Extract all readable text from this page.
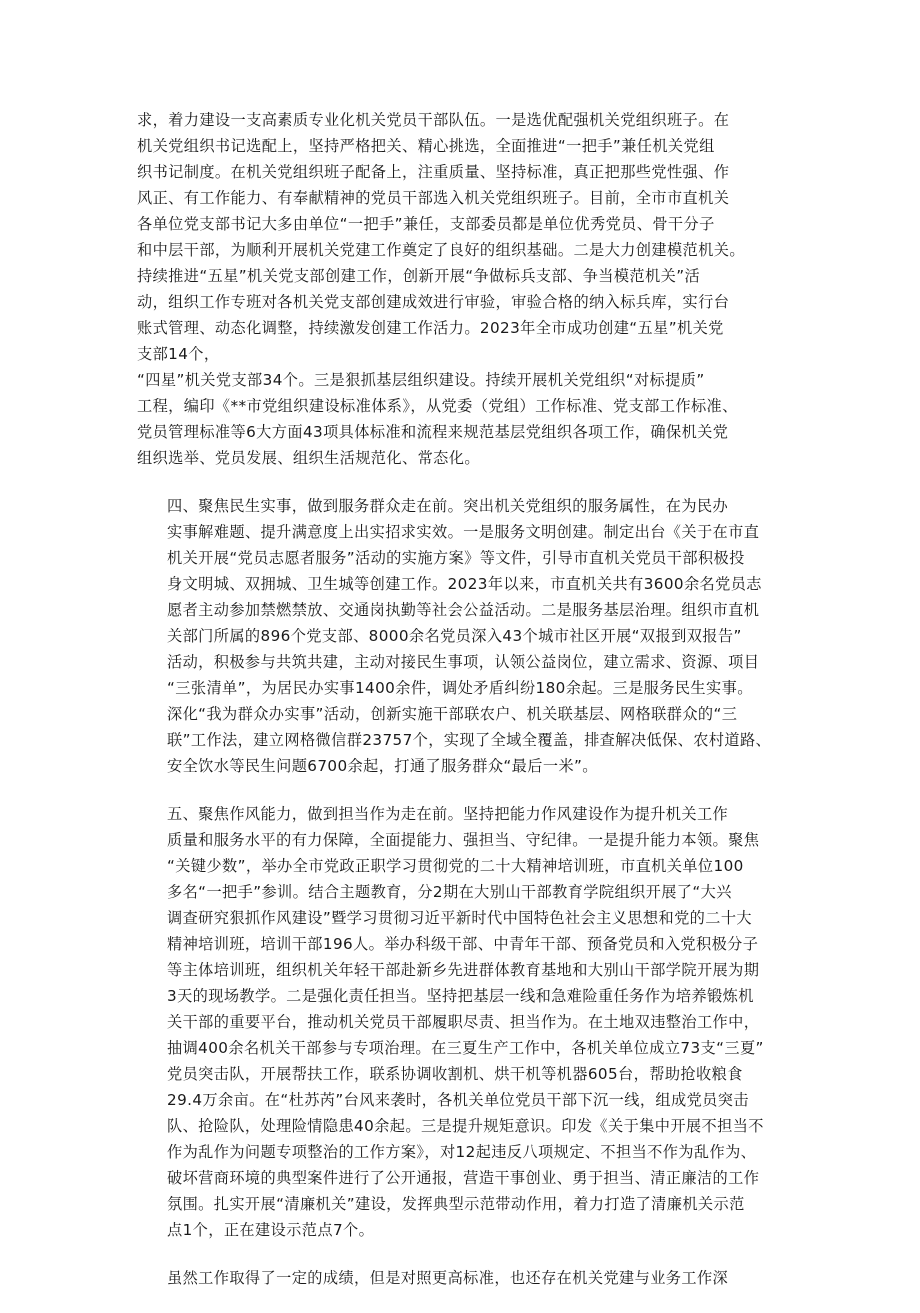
求，着力建设一支高素质专业化机关党员干部队伍。一是选优配强机关党组织班子。在
机关党组织书记选配上，坚持严格把关、精心挑选，全面推进“一把手”兼任机关党组
织书记制度。在机关党组织班子配备上，注重质量、坚持标准，真正把那些党性强、作
风正、有工作能力、有奉献精神的党员干部选入机关党组织班子。目前，全市市直机关
各单位党支部书记大多由单位“一把手”兼任，支部委员都是单位优秀党员、骨干分子
和中层干部，为顺利开展机关党建工作奠定了良好的组织基础。二是大力创建模范机关。
持续推进“五星”机关党支部创建工作，创新开展“争做标兵支部、争当模范机关”活
动，组织工作专班对各机关党支部创建成效进行审验，审验合格的纳入标兵库，实行台
账式管理、动态化调整，持续激发创建工作活力。2023年全市成功创建“五星”机关党
支部14个，
“四星”机关党支部34个。三是狠抓基层组织建设。持续开展机关党组织“对标提质”
工程，编印《**市党组织建设标准体系》，从党委（党组）工作标准、党支部工作标准、
党员管理标准等6大方面43项具体标准和流程来规范基层党组织各项工作，确保机关党
组织选举、党员发展、组织生活规范化、常态化。

四、聚焦民生实事，做到服务群众走在前。突出机关党组织的服务属性，在为民办
实事解难题、提升满意度上出实招求实效。一是服务文明创建。制定出台《关于在市直
机关开展“党员志愿者服务”活动的实施方案》等文件，引导市直机关党员干部积极投
身文明城、双拥城、卫生城等创建工作。2023年以来，市直机关共有3600余名党员志
愿者主动参加禁燃禁放、交通岗执勤等社会公益活动。二是服务基层治理。组织市直机
关部门所属的896个党支部、8000余名党员深入43个城市社区开展“双报到双报告”
活动，积极参与共筑共建，主动对接民生事项，认领公益岗位，建立需求、资源、项目
“三张清单”，为居民办实事1400余件，调处矛盾纠纷180余起。三是服务民生实事。
深化“我为群众办实事”活动，创新实施干部联农户、机关联基层、网格联群众的“三
联”工作法，建立网格微信群23757个，实现了全域全覆盖，排查解决低保、农村道路、
安全饮水等民生问题6700余起，打通了服务群众“最后一米”。

五、聚焦作风能力，做到担当作为走在前。坚持把能力作风建设作为提升机关工作
质量和服务水平的有力保障，全面提能力、强担当、守纪律。一是提升能力本领。聚焦
“关键少数”，举办全市党政正职学习贯彻党的二十大精神培训班，市直机关单位100
多名“一把手”参训。结合主题教育，分2期在大别山干部教育学院组织开展了“大兴
调查研究狠抓作风建设”暨学习贯彻习近平新时代中国特色社会主义思想和党的二十大
精神培训班，培训干部196人。举办科级干部、中青年干部、预备党员和入党积极分子
等主体培训班，组织机关年轻干部赴新乡先进群体教育基地和大别山干部学院开展为期
3天的现场教学。二是强化责任担当。坚持把基层一线和急难险重任务作为培养锻炼机
关干部的重要平台，推动机关党员干部履职尽责、担当作为。在土地双违整治工作中，
抽调400余名机关干部参与专项治理。在三夏生产工作中，各机关单位成立73支“三夏”
党员突击队，开展帮扶工作，联系协调收割机、烘干机等机器605台，帮助抢收粮食
29.4万余亩。在“杜苏芮”台风来袭时，各机关单位党员干部下沉一线，组成党员突击
队、抢险队，处理险情隐患40余起。三是提升规矩意识。印发《关于集中开展不担当不
作为乱作为问题专项整治的工作方案》，对12起违反八项规定、不担当不作为乱作为、
破坏营商环境的典型案件进行了公开通报，营造干事创业、勇于担当、清正廉洁的工作
氛围。扎实开展“清廉机关”建设，发挥典型示范带动作用，着力打造了清廉机关示范
点1个，正在建设示范点7个。

虽然工作取得了一定的成绩，但是对照更高标准，也还存在机关党建与业务工作深
